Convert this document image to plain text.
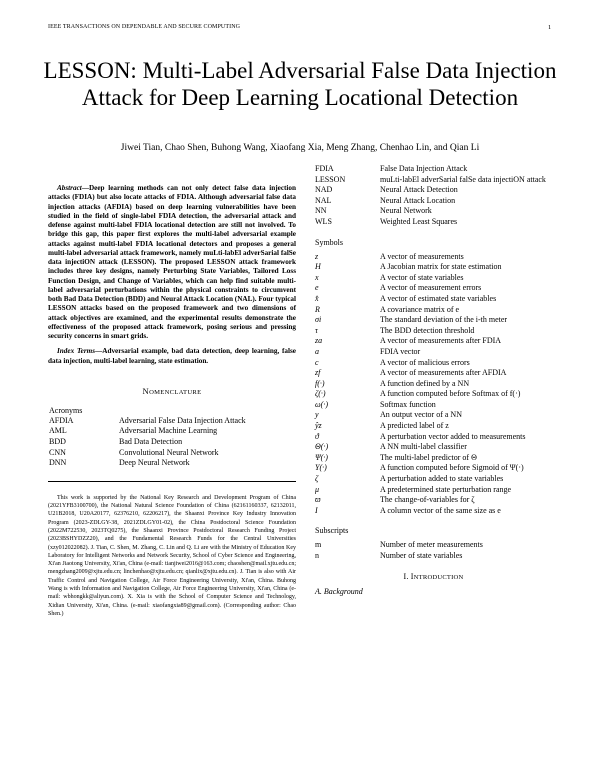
IEEE TRANSACTIONS ON DEPENDABLE AND SECURE COMPUTING	1
LESSON: Multi-Label Adversarial False Data Injection Attack for Deep Learning Locational Detection
Jiwei Tian, Chao Shen, Buhong Wang, Xiaofang Xia, Meng Zhang, Chenhao Lin, and Qian Li

Abstract—Deep learning methods can not only detect false data injection attacks (FDIA) but also locate attacks of FDIA. Although adversarial false data injection attacks (AFDIA) based on deep learning vulnerabilities have been studied in the field of single-label FDIA detection, the adversarial attack and defense against multi-label FDIA locational detection are still not involved. To bridge this gap, this paper first explores the multi-label adversarial example attacks against multi-label FDIA locational detectors and proposes a general multi-label adversarial attack framework, namely muLti-labEl adverSarial falSe data injectiON attack (LESSON). The proposed LESSON attack framework includes three key designs, namely Perturbing State Variables, Tailored Loss Function Design, and Change of Variables, which can help find suitable multi-label adversarial perturbations within the physical constraints to circumvent both Bad Data Detection (BDD) and Neural Attack Location (NAL). Four typical LESSON attacks based on the proposed framework and two dimensions of attack objectives are examined, and the experimental results demonstrate the effectiveness of the proposed attack framework, posing serious and pressing security concerns in smart grids.

Index Terms—Adversarial example, bad data detection, deep learning, false data injection, multi-label learning, state estimation.

NOMENCLATURE
Acronyms
AFDIA	Adversarial False Data Injection Attack
AML	Adversarial Machine Learning
BDD	Bad Data Detection
CNN	Convolutional Neural Network
DNN	Deep Neural Network

This work is supported by the National Key Research and Development Program of China (2021YFB3100700), the National Natural Science Foundation of China (62161160337, 62132011, U21B2018, U20A20177, 62376210, 62206217), the Shaanxi Province Key Industry Innovation Program (2023-ZDLGY-38, 2021ZDLGY01-02), the China Postdoctoral Science Foundation (2022M722530, 2023TQ0275), the Shaanxi Province Postdoctoral Research Funding Project (2023BSHYDZZ20), and the Fundamental Research Funds for the Central Universities (xzy012022082). J. Tian, C. Shen, M. Zhang, C. Lin and Q. Li are with the Ministry of Education Key Laboratory for Intelligent Networks and Network Security, School of Cyber Science and Engineering, Xi'an Jiaotong University, Xi'an, China (e-mail: tianjiwei2016@163.com; chaoshen@mail.xjtu.edu.cn; mengzhang2009@xjtu.edu.cn; linchenhao@xjtu.edu.cn; qianlix@xjtu.edu.cn). J. Tian is also with Air Traffic Control and Navigation College, Air Force Engineering University, Xi'an, China. Buhong Wang is with Information and Navigation College, Air Force Engineering University, Xi'an, China (e-mail: wbhongkk@aliyun.com). X. Xia is with the School of Computer Science and Technology, Xidian University, Xi'an, China. (e-mail: xiaofangxia89@gmail.com). (Corresponding author: Chao Shen.)

FDIA	False Data Injection Attack
LESSON	muLti-labEl adverSarial falSe data injectiON attack
NAD	Neural Attack Detection
NAL	Neural Attack Location
NN	Neural Network
WLS	Weighted Least Squares
Symbols
z	A vector of measurements
H	A Jacobian matrix for state estimation
x	A vector of state variables
e	A vector of measurement errors
x̂	A vector of estimated state variables
R	A covariance matrix of e
σi	The standard deviation of the i-th meter
τ	The BDD detection threshold
za	A vector of measurements after FDIA
a	FDIA vector
c	A vector of malicious errors
zf	A vector of measurements after AFDIA
f(·)	A function defined by a NN
ζ(·)	A function computed before Softmax of f(·)
ω(·)	Softmax function
y	An output vector of a NN
ŷz	A predicted label of z
ϑ	A perturbation vector added to measurements
Θ(·)	A NN multi-label classifier
Ψ(·)	The multi-label predictor of Θ
Υ(·)	A function computed before Sigmoid of Ψ(·)
ζ	A perturbation added to state variables
μ	A predetermined state perturbation range
ϖ	The change-of-variables for ζ
I	A column vector of the same size as e
Subscripts
m	Number of meter measurements
n	Number of state variables
I. INTRODUCTION
A. Background
